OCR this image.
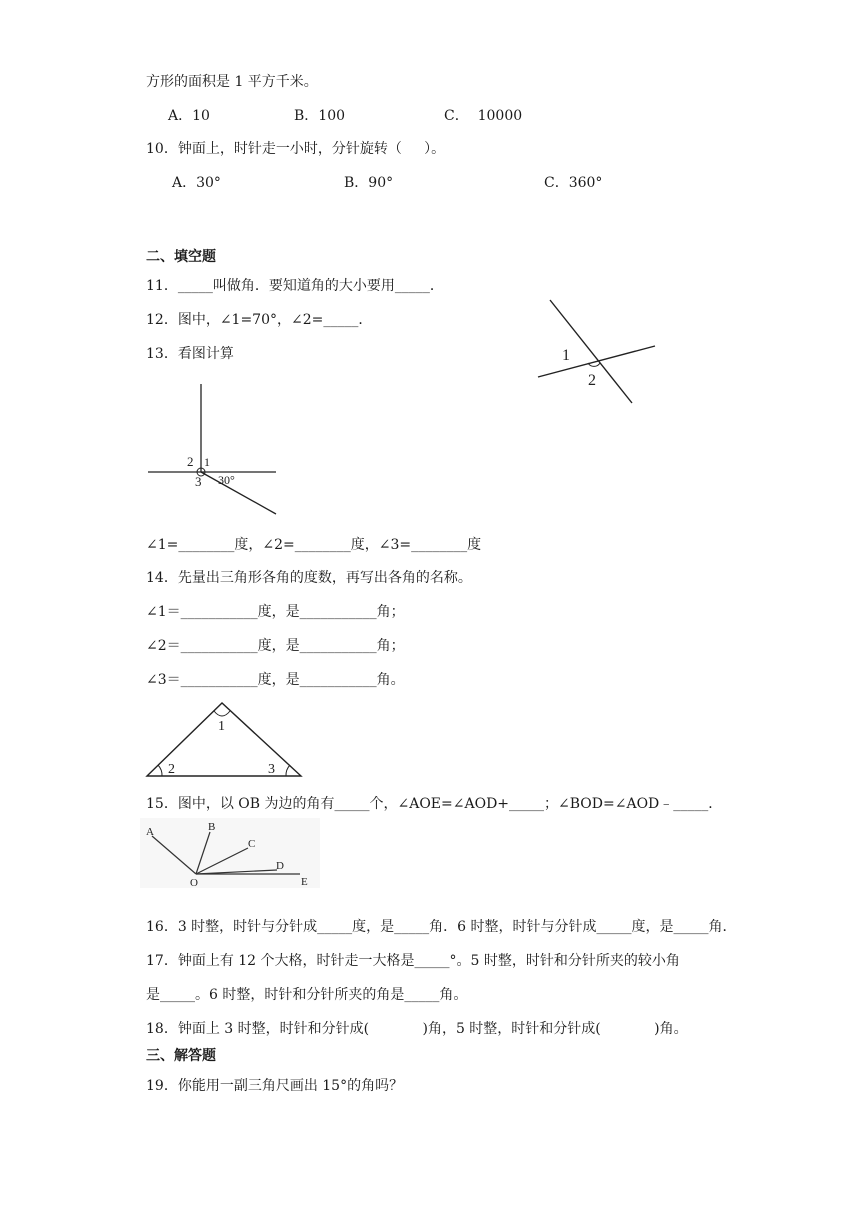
方形的面积是 1 平方千米。
A．10	B．100	C．  10000
10．钟面上，时针走一小时，分针旋转（     ）。
A．30°	B．90°	C．360°
二、填空题
11．_____叫做角．要知道角的大小要用_____．
12．图中，∠1=70°，∠2=_____．
1
2
13．看图计算
2 1
3 30°
∠1=________度，∠2=________度，∠3=________度
14．先量出三角形各角的度数，再写出各角的名称。
∠1＝___________度，是___________角；
∠2＝___________度，是___________角；
∠3＝___________度，是___________角。
1
2	3
15．图中，以 OB 为边的角有_____个，∠AOE=∠AOD+_____；∠BOD=∠AOD﹣_____．
A	B
C
D
E
O
16．3 时整，时针与分针成_____度，是_____角．6 时整，时针与分针成_____度，是_____角．
17．钟面上有 12 个大格，时针走一大格是_____°。5 时整，时针和分针所夹的较小角
是_____。6 时整，时针和分针所夹的角是_____角。
18．钟面上 3 时整，时针和分针成(            )角，5 时整，时针和分针成(            )角。
三、解答题
19．你能用一副三角尺画出 15°的角吗？
